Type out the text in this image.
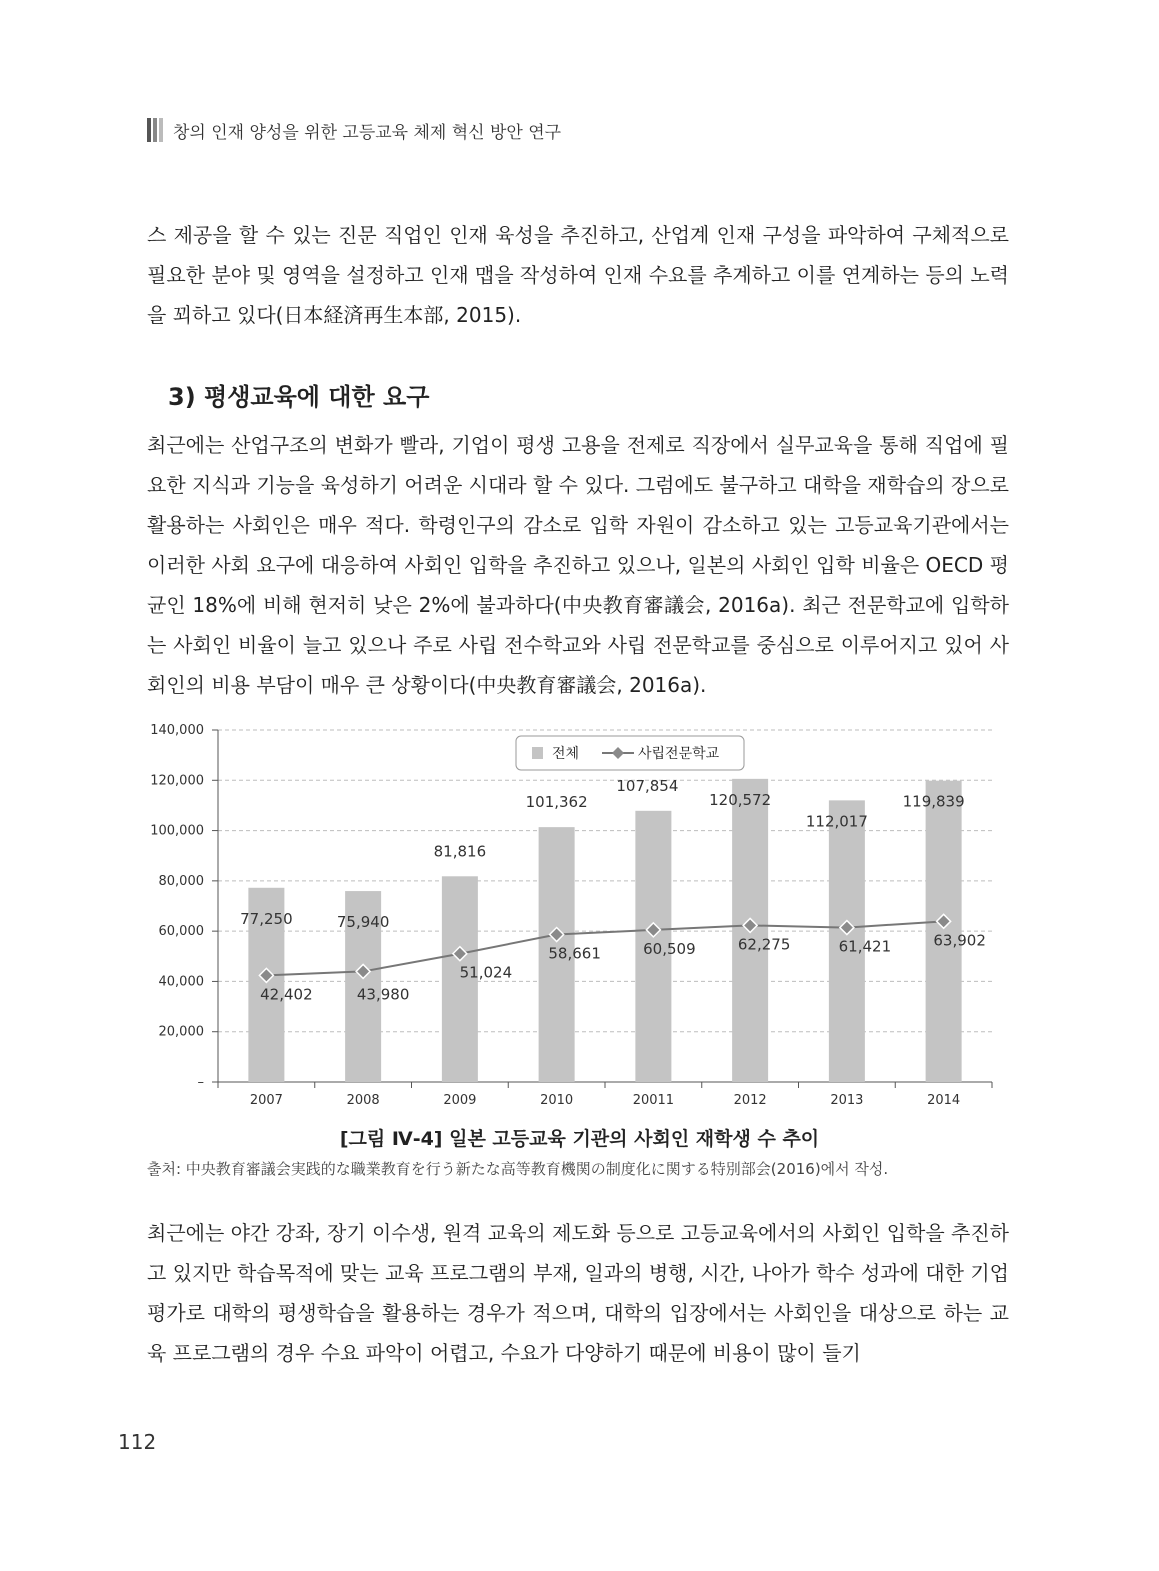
창의 인재 양성을 위한 고등교육 체제 혁신 방안 연구

스 제공을 할 수 있는 진문 직업인 인재 육성을 추진하고, 산업계 인재 구성을 파악하여 구체적으로 필요한 분야 및 영역을 설정하고 인재 맵을 작성하여 인재 수요를 추계하고 이를 연계하는 등의 노력을 꾀하고 있다(日本経済再生本部, 2015).

3) 평생교육에 대한 요구

최근에는 산업구조의 변화가 빨라, 기업이 평생 고용을 전제로 직장에서 실무교육을 통해 직업에 필요한 지식과 기능을 육성하기 어려운 시대라 할 수 있다. 그럼에도 불구하고 대학을 재학습의 장으로 활용하는 사회인은 매우 적다. 학령인구의 감소로 입학 자원이 감소하고 있는 고등교육기관에서는 이러한 사회 요구에 대응하여 사회인 입학을 추진하고 있으나, 일본의 사회인 입학 비율은 OECD 평균인 18%에 비해 현저히 낮은 2%에 불과하다(中央教育審議会, 2016a). 최근 전문학교에 입학하는 사회인 비율이 늘고 있으나 주로 사립 전수학교와 사립 전문학교를 중심으로 이루어지고 있어 사회인의 비용 부담이 매우 큰 상황이다(中央教育審議会, 2016a).

–
20,000
40,000
60,000
80,000
100,000
120,000
140,000
2007	2008	2009	2010	20011	2012	2013	2014
77,250	75,940
81,816
101,362
107,854
120,572
112,017
119,839
42,402	43,980
51,024
58,661	60,509	62,275	61,421	63,902
전체	사립전문학교
[그림 Ⅳ-4] 일본 고등교육 기관의 사회인 재학생 수 추이
출처: 中央教育審議会実践的な職業教育を行う新たな高等教育機関の制度化に関する特別部会(2016)에서 작성.

최근에는 야간 강좌, 장기 이수생, 원격 교육의 제도화 등으로 고등교육에서의 사회인 입학을 추진하고 있지만 학습목적에 맞는 교육 프로그램의 부재, 일과의 병행, 시간, 나아가 학수 성과에 대한 기업 평가로 대학의 평생학습을 활용하는 경우가 적으며, 대학의 입장에서는 사회인을 대상으로 하는 교육 프로그램의 경우 수요 파악이 어렵고, 수요가 다양하기 때문에 비용이 많이 들기

112
